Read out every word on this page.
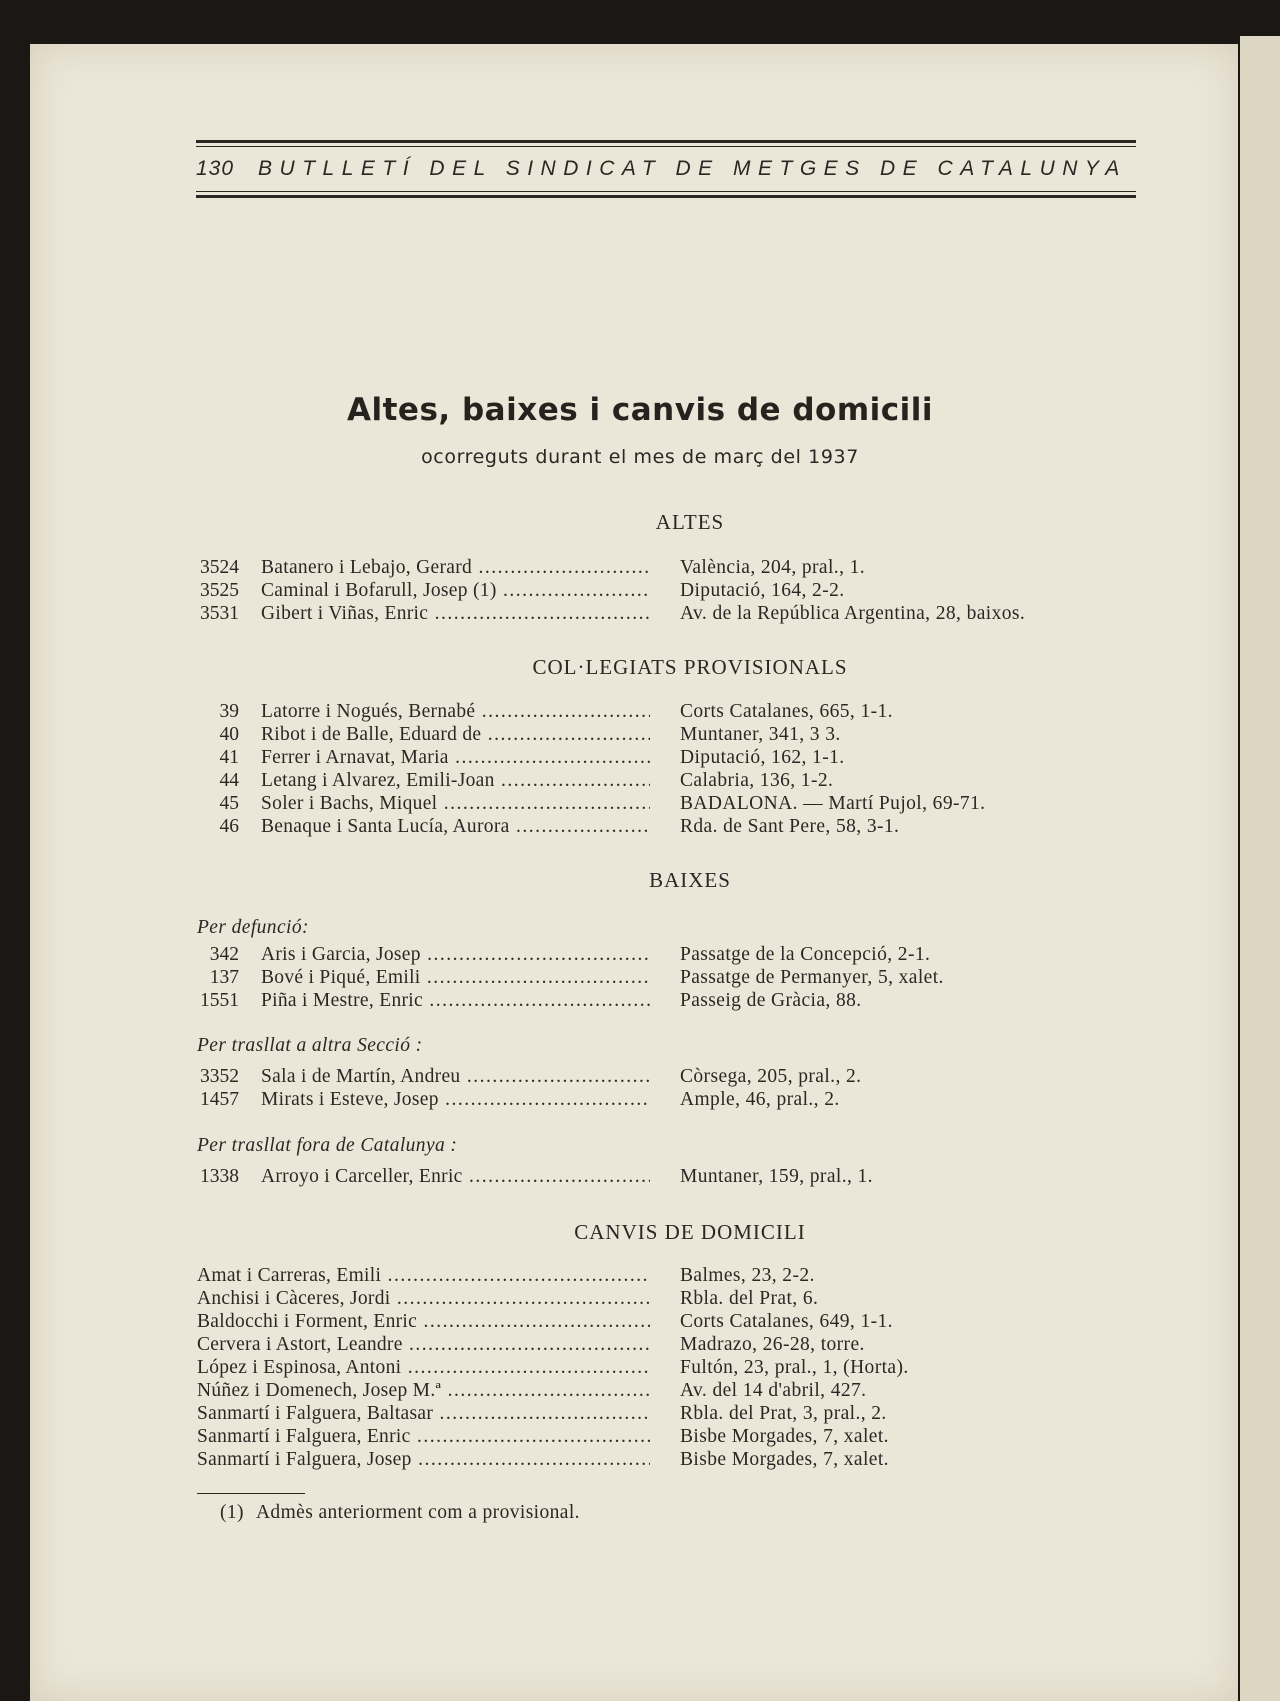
130 BUTLLETÍ DEL SINDICAT DE METGES DE CATALUNYA
Altes, baixes i canvis de domicili
ocorreguts durant el mes de març del 1937
ALTES
3524 Batanero i Lebajo, Gerard .....	València, 204, pral., 1.
3525 Caminal i Bofarull, Josep (1) .....	Diputació, 164, 2-2.
3531 Gibert i Viñas, Enric .....	Av. de la República Argentina, 28, baixos.
COL·LEGIATS PROVISIONALS
39 Latorre i Nogués, Bernabé .....	Corts Catalanes, 665, 1-1.
40 Ribot i de Balle, Eduard de .....	Muntaner, 341, 3 3.
41 Ferrer i Arnavat, Maria .....	Diputació, 162, 1-1.
44 Letang i Alvarez, Emili-Joan .....	Calabria, 136, 1-2.
45 Soler i Bachs, Miquel .....	BADALONA. — Martí Pujol, 69-71.
46 Benaque i Santa Lucía, Aurora .....	Rda. de Sant Pere, 58, 3-1.
BAIXES
Per defunció:
342 Aris i Garcia, Josep .....	Passatge de la Concepció, 2-1.
137 Bové i Piqué, Emili .....	Passatge de Permanyer, 5, xalet.
1551 Piña i Mestre, Enric .....	Passeig de Gràcia, 88.
Per trasllat a altra Secció :
3352 Sala i de Martín, Andreu .....	Còrsega, 205, pral., 2.
1457 Mirats i Esteve, Josep .....	Ample, 46, pral., 2.
Per trasllat fora de Catalunya :
1338 Arroyo i Carceller, Enric .....	Muntaner, 159, pral., 1.
CANVIS DE DOMICILI
Amat i Carreras, Emili .....	Balmes, 23, 2-2.
Anchisi i Càceres, Jordi .....	Rbla. del Prat, 6.
Baldocchi i Forment, Enric .....	Corts Catalanes, 649, 1-1.
Cervera i Astort, Leandre .....	Madrazo, 26-28, torre.
López i Espinosa, Antoni .....	Fultón, 23, pral., 1, (Horta).
Núñez i Domenech, Josep M.ª .....	Av. del 14 d'abril, 427.
Sanmartí i Falguera, Baltasar .....	Rbla. del Prat, 3, pral., 2.
Sanmartí i Falguera, Enric .....	Bisbe Morgades, 7, xalet.
Sanmartí i Falguera, Josep .....	Bisbe Morgades, 7, xalet.
(1) Admès anteriorment com a provisional.
